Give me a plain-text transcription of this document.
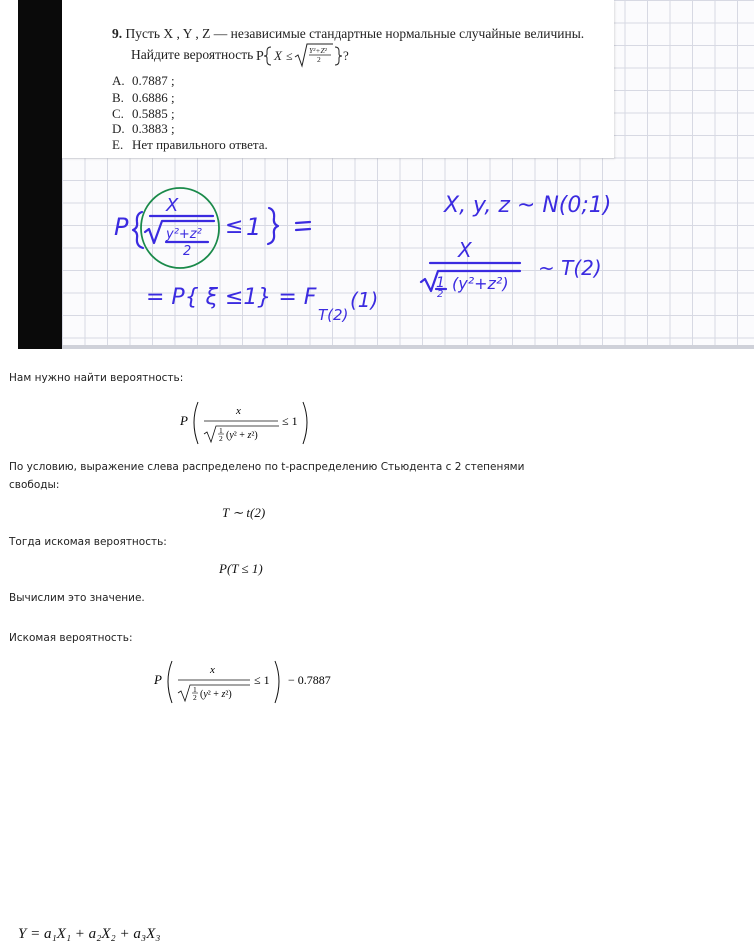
9. Пусть X , Y , Z — независимые стандартные нормальные случайные величины.
Найдите вероятность P X ≤ Y²+Z²
2 ?
A. 0.7887 ;
B. 0.6886 ;
C. 0.5885 ;
D. 0.3883 ;
E. Нет правильного ответа.
P
X
y²+z²
2
≤ 1
X, y, z ~ N(0;1)
X
1
2
(y²+z²)
~ T(2)
= P{ ξ ≤1} = F
T(2)
(1)
Нам нужно найти вероятность:
P
x
1
2 (y² + z²)
≤ 1
По условию, выражение слева распределено по t-распределению Стьюдента с 2 степенями
свободы:
T ∼ t(2)
Тогда искомая вероятность:
P(T ≤ 1)
Вычислим это значение.
Искомая вероятность:
P
x
1
2 (y² + z²)
≤ 1 − 0.7887
Y = a₁X₁ + a₂X₂ + a₃X₃
